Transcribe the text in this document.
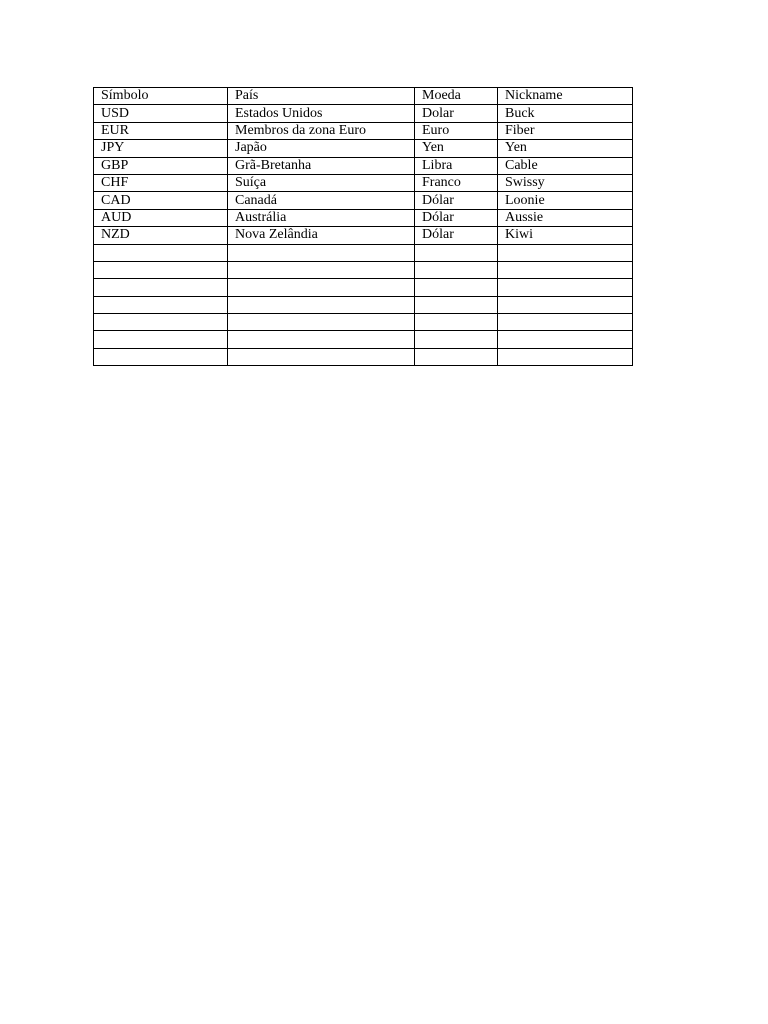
Símbolo	País	Moeda	Nickname
USD	Estados Unidos	Dolar	Buck
EUR	Membros da zona Euro	Euro	Fiber
JPY	Japão	Yen	Yen
GBP	Grã-Bretanha	Libra	Cable
CHF	Suíça	Franco	Swissy
CAD	Canadá	Dólar	Loonie
AUD	Austrália	Dólar	Aussie
NZD	Nova Zelândia	Dólar	Kiwi
